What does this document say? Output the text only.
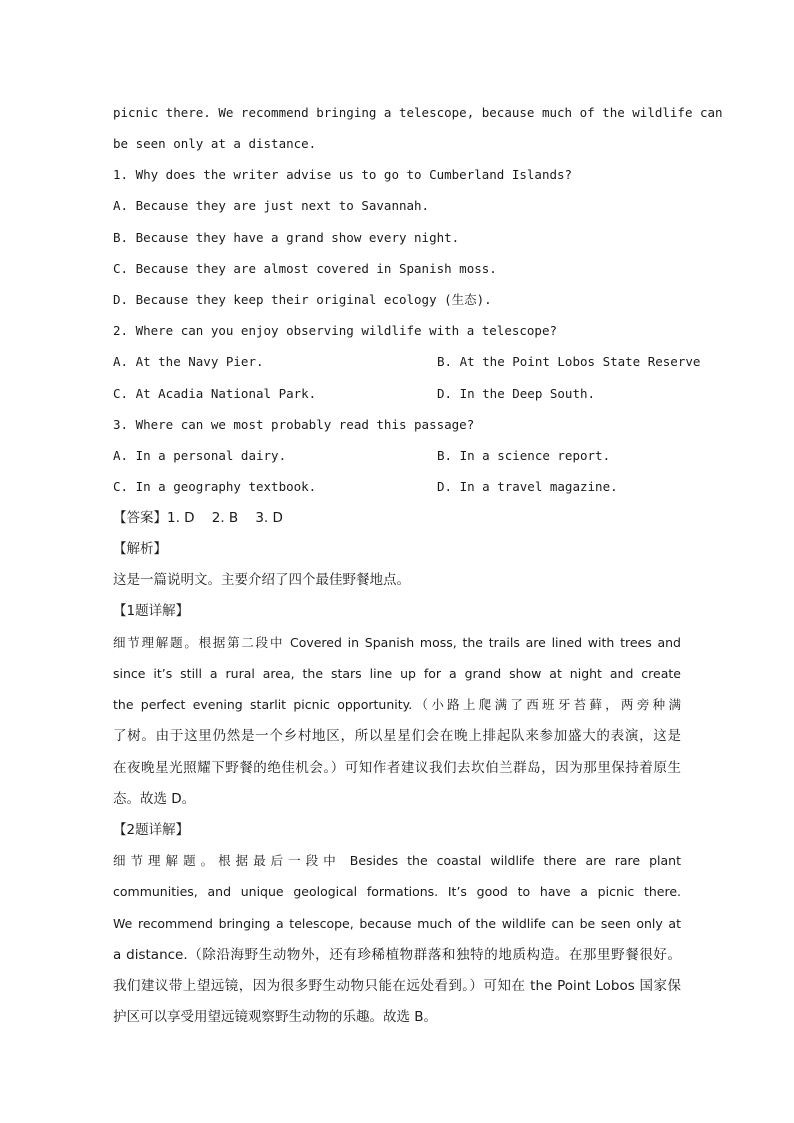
picnic there. We recommend bringing a telescope, because much of the wildlife can
be seen only at a distance.
1. Why does the writer advise us to go to Cumberland Islands?
A. Because they are just next to Savannah.
B. Because they have a grand show every night.
C. Because they are almost covered in Spanish moss.
D. Because they keep their original ecology (生态).
2. Where can you enjoy observing wildlife with a telescope?
A. At the Navy Pier.	B. At the Point Lobos State Reserve
C. At Acadia National Park.	D. In the Deep South.
3. Where can we most probably read this passage?
A. In a personal dairy.	B. In a science report.
C. In a geography textbook.	D. In a travel magazine.
【答案】1. D    2. B    3. D
【解析】
这是一篇说明文。主要介绍了四个最佳野餐地点。
【1题详解】
细节理解题。根据第二段中 Covered in Spanish moss, the trails are lined with trees and
since it’s still a rural area, the stars line up for a grand show at night and create
the perfect evening starlit picnic opportunity.（小路上爬满了西班牙苔藓，两旁种满
了树。由于这里仍然是一个乡村地区，所以星星们会在晚上排起队来参加盛大的表演，这是
在夜晚星光照耀下野餐的绝佳机会。）可知作者建议我们去坎伯兰群岛，因为那里保持着原生
态。故选 D。
【2题详解】
细节理解题。根据最后一段中 Besides the coastal wildlife there are rare plant
communities, and unique geological formations. It’s good to have a picnic there.
We recommend bringing a telescope, because much of the wildlife can be seen only at
a distance.（除沿海野生动物外，还有珍稀植物群落和独特的地质构造。在那里野餐很好。
我们建议带上望远镜，因为很多野生动物只能在远处看到。）可知在 the Point Lobos 国家保
护区可以享受用望远镜观察野生动物的乐趣。故选 B。
